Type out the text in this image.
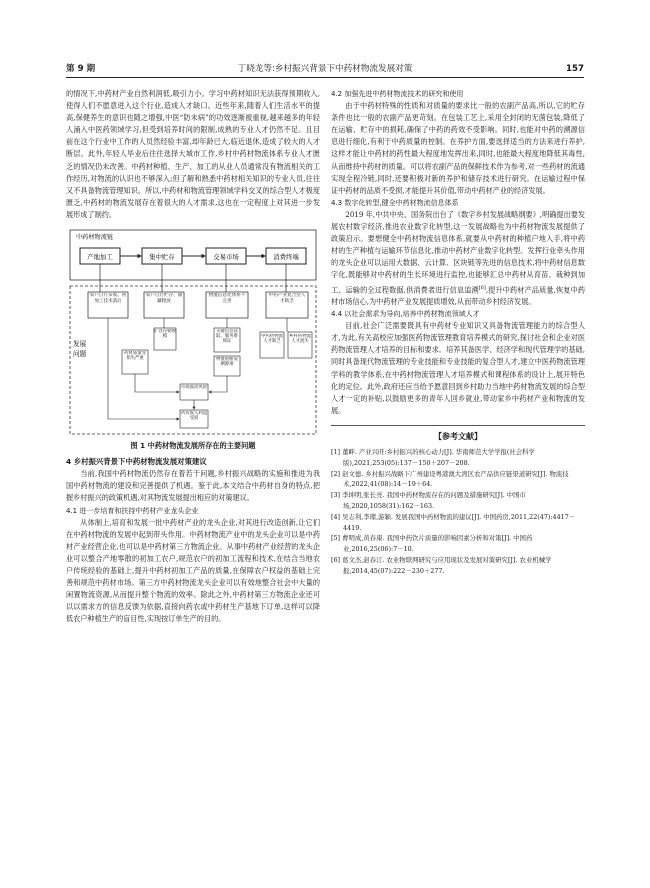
第 9 期	丁晓龙等:乡村振兴背景下中药材物流发展对策	157

的情况下,中药材产业自然利润低,吸引力小。学习中药材知识无法获得预期收入,使得人们不愿意进入这个行业,造成人才缺口。近些年来,随着人们生活水平的提高,保健养生的意识也随之增强,中医“防未病”的功效逐渐被重视,越来越多的年轻人涌入中医药领域学习,但受到培养时间的限制,成熟的专业人才仍然不足。且目前在这个行业中工作的人员然经验丰富,却年龄已大,临近退休,造成了较大的人才断层。此外,年轻人毕业后往往选择大城市工作,乡村中药材物流体系专业人才匮乏的情况仍未改善。中药材种植、生产、加工的从业人员通常没有物流相关的工作经历,对物流的认识也不够深入;但了解和熟悉中药材相关知识的专业人员,往往又不具备物流管理知识。所以,中药材和物流管理领域学科交叉的综合型人才极度匮乏,中药材的物流发展存在着很大的人才需求,这也在一定程度上对其进一步发展形成了制约。

中药材物流链
产地加工	集中贮存	交易市场	消费终端
发展
问题
农户自行采收、初加工技术落后
农户自行贮存、储藏粗放
物流信息化体系不完善
中药产业复合型人才缺乏
扩容存储规模
药材质量受损失严重
关键信息获取、服务难保证
物流链断裂溯源难
中药材物流人才缺乏
乡村药物流人才流失
市场波动风险
药农收入利益受损
图 1 中药材物流发展所存在的主要问题
4 乡村振兴背景下中药材物流发展对策建议

当前,我国中药材物流仍然存在着若干问题,乡村振兴战略的实施和推进为我国中药材物流的建设和完善提供了机遇。鉴于此,本文结合中药材自身的特点,把握乡村振兴的政策机遇,对其物流发展提出相应的对策建议。

4.1 进一步培育和扶持中药材产业龙头企业

从体制上,培育和发展一批中药材产业的龙头企业,对其进行改造创新,让它们在中药材物流的发展中起到带头作用。中药材物流产业中的龙头企业可以是中药材产业经营企业,也可以是中药材第三方物流企业。从事中药材产业经营的龙头企业可以整合产地零散的初加工农户,规范农户的初加工流程和技术,在结合当地农户传统经验的基础上,提升中药材初加工产品的质量,在保障农户权益的基础上完善和规范中药材市场。第三方中药材物流龙头企业可以有效地整合社会中大量的闲置物流资源,从而提升整个物流的效率。除此之外,中药材第三方物流企业还可以以需求方的信息反馈为依据,直接向药农或中药材生产基地下订单,这样可以降低农户种植生产的盲目性,实现按订单生产的目的。

4.2 加强先进中药材物流技术的研究和使用

由于中药材特殊的性质和对质量的要求比一般的农副产品高,所以,它的贮存条件也比一般的农副产品更苛刻。在包装工艺上,采用全封闭的无菌包装,降低了在运输、贮存中的损耗,确保了中药的药效不受影响。同时,也能对中药的溯源信息进行细化,有利于中药质量的控制。在养护方面,要选择适当的方法来进行养护,这样才能让中药材的药性最大程度地发挥出来,同时,也能最大程度地降低其毒性,从而维持中药材的质量。可以将农副产品的保鲜技术作为参考,对一些药材的流通实现全程冷链,同时,还要积极对新的养护和储存技术进行研究。在运输过程中保证中药材的品质不受损,才能提升其价值,带动中药材产业的经济发展。

4.3 数字化转型,健全中药材物流信息体系

2019 年,中共中央、国务院出台了《数字乡村发展战略纲要》,明确提出要发展农村数字经济,推进农业数字化转型,这一发展战略也为中药材物流发展提供了政策启示。要想健全中药材物流信息体系,就要从中药材的种植户地入手,将中药材的生产种植与运输环节信息化,推动中药材产业数字化转型。发挥行业牵头作用的龙头企业可以运用大数据、云计算、区块链等先进的信息技术,将中药材信息数字化,既能够对中药材的生长环境进行监控,也能够汇总中药材从育苗、栽种到加工、运输的全过程数据,供消费者进行信息追溯[6],提升中药材产品质量,恢复中药材市场信心,为中药材产业发展提质增效,从而带动乡村经济发展。

4.4 以社会需求为导向,培养中药材物流领域人才

目前,社会广泛需要既具有中药材专业知识又具备物流管理能力的综合型人才,为此,有关高校应加强医药物流管理教育培养模式的研究,探讨社会和企业对医药物流管理人才培养的目标和要求。培养其备医学、经济学和现代管理学的基础,同时具备现代物流管理的专业技能和专业技能的复合型人才,建立中医药物流管理学科的教学体系,在中药材物流管理人才培养模式和课程体系的设计上,展开特色化的定位。此外,政府还应当给予愿意回到乡村助力当地中药材物流发展的综合型人才一定的补贴,以鼓励更多的青年人回乡就业,带动家乡中药材产业和物流的发展。

【参考文献】
[1] 董畔. 产业兴旺:乡村振兴的核心动力[J]. 华南师范大学学报(社会科学版),2021,253(05):137－150＋207－208.
[2] 赵文德. 乡村振兴战略下广州建设粤港澳大湾区农产品供应链渠道研究[J]. 物流技术,2022,41(08):14－19＋64.
[3] 李坤明,张长亮. 我国中药材物流存在的问题及措施研究[J]. 中国市场,2020,1058(31):162－163.
[4] 吴志利,李璨,游颖. 发展我国中药材物流的建议[J]. 中国药房,2011,22(47):4417－4419.
[5] 曹明成,黄春康. 我国中药饮片质量的影响因素分析和对策[J]. 中国药业,2016,25(06):7－10.
[6] 葛文杰,赵春江. 农业物联网研究与应用现状及发展对策研究[J]. 农业机械学报,2014,45(07):222－230＋277.
